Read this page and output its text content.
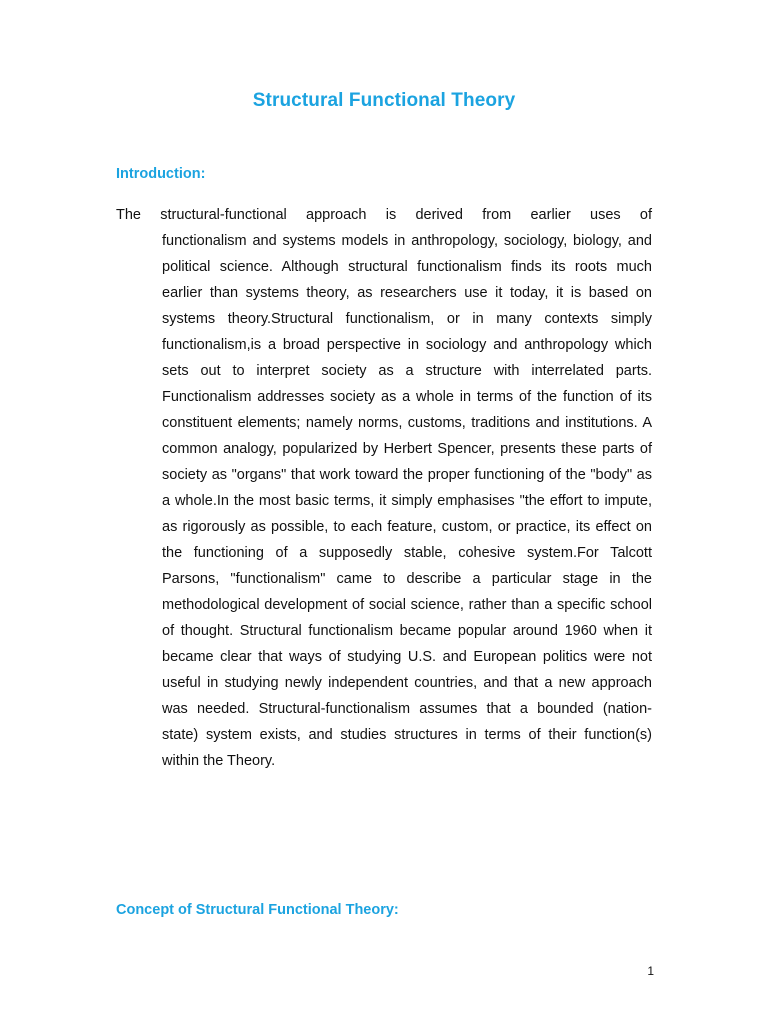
Structural Functional Theory
Introduction:
The structural-functional approach is derived from earlier uses of
functionalism and systems models in anthropology, sociology, biology, and political science. Although structural functionalism finds its roots much earlier than systems theory, as researchers use it today, it is based on systems theory.Structural functionalism, or in many contexts simply functionalism,is a broad perspective in sociology and anthropology which sets out to interpret society as a structure with interrelated parts. Functionalism addresses society as a whole in terms of the function of its constituent elements; namely norms, customs, traditions and institutions. A common analogy, popularized by Herbert Spencer, presents these parts of society as "organs" that work toward the proper functioning of the "body" as a whole.In the most basic terms, it simply emphasises "the effort to impute, as rigorously as possible, to each feature, custom, or practice, its effect on the functioning of a supposedly stable, cohesive system.For Talcott Parsons, "functionalism" came to describe a particular stage in the methodological development of social science, rather than a specific school of thought. Structural functionalism became popular around 1960 when it became clear that ways of studying U.S. and European politics were not useful in studying newly independent countries, and that a new approach was needed. Structural-functionalism assumes that a bounded (nation-state) system exists, and studies structures in terms of their function(s) within the Theory.
Concept of Structural Functional Theory:
1
